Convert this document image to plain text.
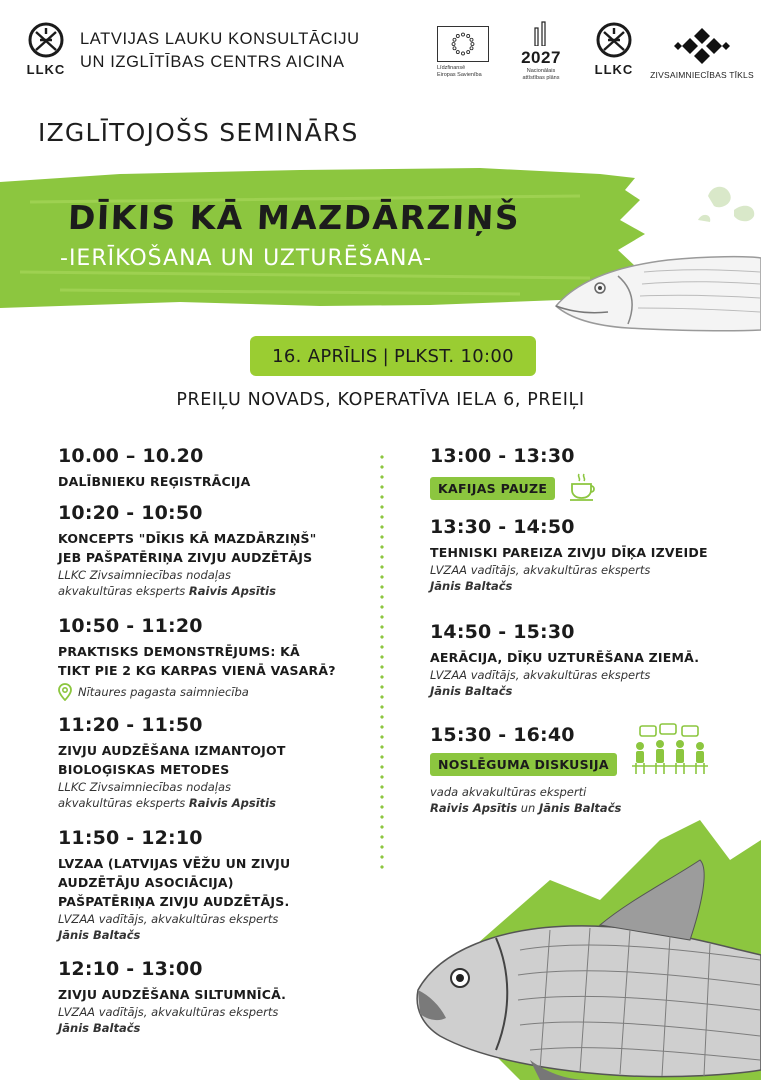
LLKC
LATVIJAS LAUKU KONSULTĀCIJU
UN IZGLĪTĪBAS CENTRS AICINA	Līdzfinansē
Eiropas Savienība
2027
Nacionālais
attīstības plāns
LLKC	ZIVSAIMNIECĪBAS TĪKLS
IZGLĪTOJOŠS SEMINĀRS
DĪKIS KĀ MAZDĀRZIŅŠ
-IERĪKOŠANA UN UZTURĒŠANA-
16. APRĪLIS | PLKST. 10:00
PREIĻU NOVADS, KOPERATĪVA IELA 6, PREIĻI
10.00 – 10.20
DALĪBNIEKU REĢISTRĀCIJA
10:20 - 10:50
KONCEPTS "DĪKIS KĀ MAZDĀRZIŅŠ"
JEB PAŠPATĒRIŅA ZIVJU AUDZĒTĀJS
LLKC Zivsaimniecības nodaļas
akvakultūras eksperts Raivis Apsītis
10:50 - 11:20
PRAKTISKS DEMONSTRĒJUMS: KĀ
TIKT PIE 2 KG KARPAS VIENĀ VASARĀ?
Nītaures pagasta saimniecība
11:20 - 11:50
ZIVJU AUDZĒŠANA IZMANTOJOT
BIOLOĢISKAS METODES
LLKC Zivsaimniecības nodaļas
akvakultūras eksperts Raivis Apsītis
11:50 - 12:10
LVZAA (LATVIJAS VĒŽU UN ZIVJU
AUDZĒTĀJU ASOCIĀCIJA)
PAŠPATĒRIŅA ZIVJU AUDZĒTĀJS.
LVZAA vadītājs, akvakultūras eksperts
Jānis Baltačs
12:10 - 13:00
ZIVJU AUDZĒŠANA SILTUMNĪCĀ.
LVZAA vadītājs, akvakultūras eksperts
Jānis Baltačs
13:00 - 13:30
KAFIJAS PAUZE
13:30 - 14:50
TEHNISKI PAREIZA ZIVJU DĪĶA IZVEIDE
LVZAA vadītājs, akvakultūras eksperts
Jānis Baltačs
14:50 - 15:30
AERĀCIJA, DĪĶU UZTURĒŠANA ZIEMĀ.
LVZAA vadītājs, akvakultūras eksperts
Jānis Baltačs
15:30 - 16:40
NOSLĒGUMA DISKUSIJA
vada akvakultūras eksperti
Raivis Apsītis un Jānis Baltačs
